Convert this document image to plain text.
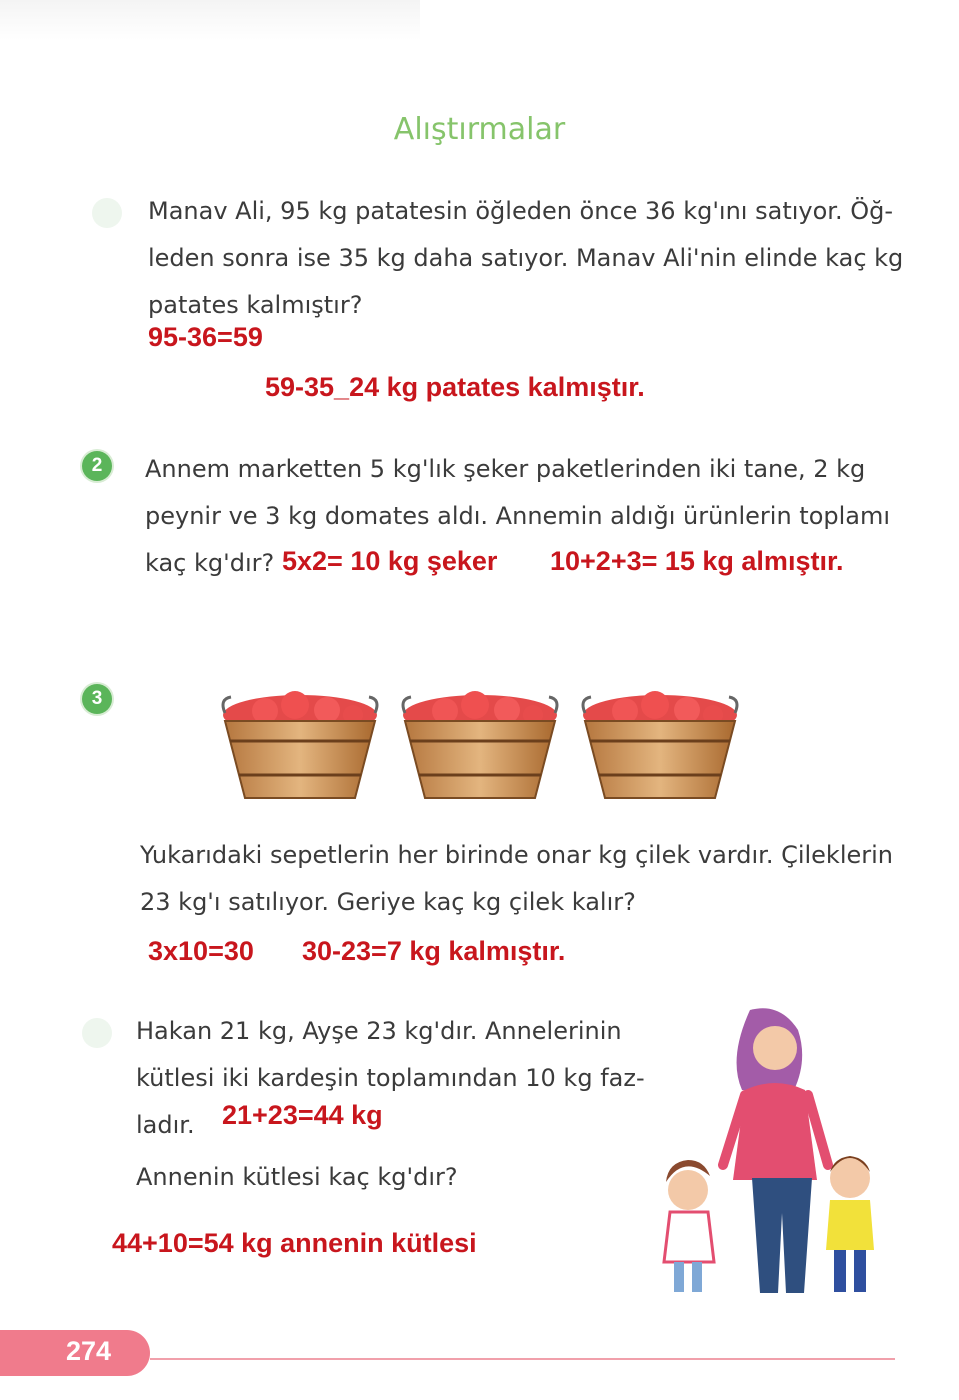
Alıştırmalar
1	Manav Ali, 95 kg patatesin öğleden önce 36 kg'ını satıyor. Öğ-
leden sonra ise 35 kg daha satıyor. Manav Ali'nin elinde kaç kg
patates kalmıştır?
95-36=59
59-35_24 kg patates kalmıştır.
2	Annem marketten 5 kg'lık şeker paketlerinden iki tane, 2 kg
peynir ve 3 kg domates aldı. Annemin aldığı ürünlerin toplamı
kaç kg'dır? 5x2= 10 kg şeker 10+2+3= 15 kg almıştır.
3
Yukarıdaki sepetlerin her birinde onar kg çilek vardır. Çileklerin
23 kg'ı satılıyor. Geriye kaç kg çilek kalır?
3x10=30 30-23=7 kg kalmıştır.
4	Hakan 21 kg, Ayşe 23 kg'dır. Annelerinin
kütlesi iki kardeşin toplamından 10 kg faz-
ladır.	21+23=44 kg
Annenin kütlesi kaç kg'dır?
44+10=54 kg annenin kütlesi
274
